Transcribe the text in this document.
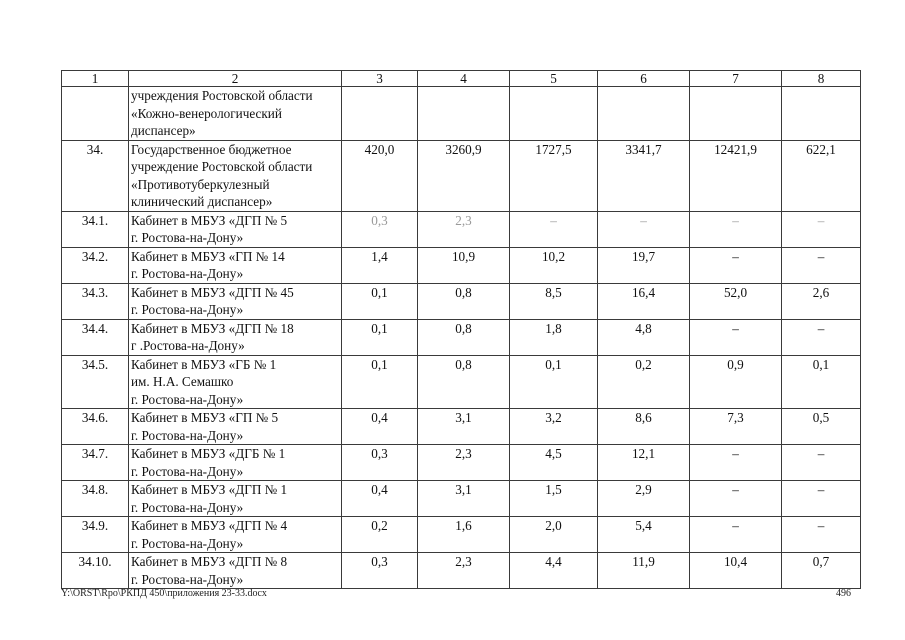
1	2	3	4	5	6	7	8

	учреждения Ростовской области
«Кожно-венерологический
диспансер»						

34.	Государственное бюджетное
учреждение Ростовской области
«Противотуберкулезный
клинический диспансер»	420,0	3260,9	1727,5	3341,7	12421,9	622,1
34.1.	Кабинет в МБУЗ «ДГП № 5
г. Ростова-на-Дону»	0,3	2,3	–	–	–	–
34.2.	Кабинет в МБУЗ «ГП № 14
г. Ростова-на-Дону»	1,4	10,9	10,2	19,7	–	–
34.3.	Кабинет в МБУЗ «ДГП № 45
г. Ростова-на-Дону»	0,1	0,8	8,5	16,4	52,0	2,6
34.4.	Кабинет в МБУЗ «ДГП № 18
г .Ростова-на-Дону»	0,1	0,8	1,8	4,8	–	–
34.5.	Кабинет в МБУЗ «ГБ № 1
им. Н.А. Семашко
г. Ростова-на-Дону»	0,1	0,8	0,1	0,2	0,9	0,1
34.6.	Кабинет в МБУЗ «ГП № 5
г. Ростова-на-Дону»	0,4	3,1	3,2	8,6	7,3	0,5
34.7.	Кабинет в МБУЗ «ДГБ № 1
г. Ростова-на-Дону»	0,3	2,3	4,5	12,1	–	–
34.8.	Кабинет в МБУЗ «ДГП № 1
г. Ростова-на-Дону»	0,4	3,1	1,5	2,9	–	–
34.9.	Кабинет в МБУЗ «ДГП № 4
г. Ростова-на-Дону»	0,2	1,6	2,0	5,4	–	–
34.10.	Кабинет в МБУЗ «ДГП № 8
г. Ростова-на-Дону»	0,3	2,3	4,4	11,9	10,4	0,7
Y:\ORST\Rpo\РКПД 450\приложения 23-33.docx	496
